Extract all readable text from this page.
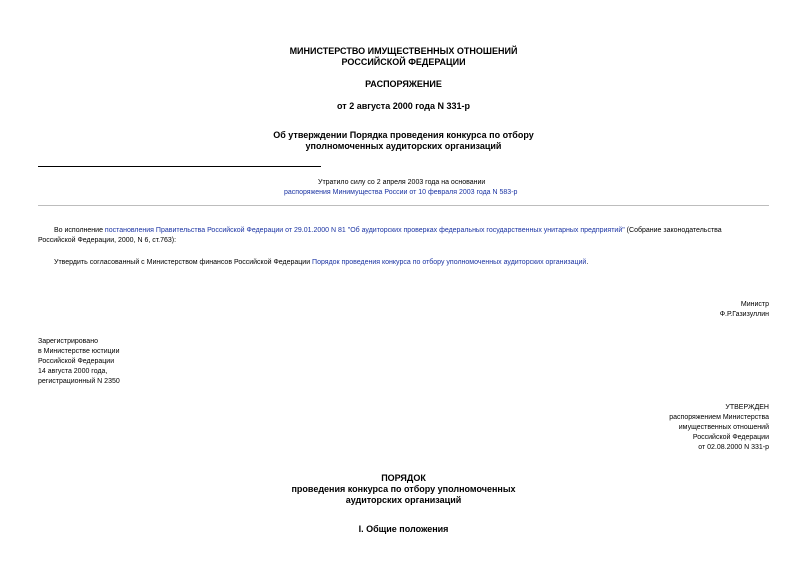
МИНИСТЕРСТВО ИМУЩЕСТВЕННЫХ ОТНОШЕНИЙ
РОССИЙСКОЙ ФЕДЕРАЦИИ
РАСПОРЯЖЕНИЕ
от 2 августа 2000 года N 331-р
Об утверждении Порядка проведения конкурса по отбору
уполномоченных аудиторских организаций
Утратило силу со 2 апреля 2003 года на основании
распоряжения Минимущества России от 10 февраля 2003 года N 583-р
Во исполнение постановления Правительства Российской Федерации от 29.01.2000 N 81 "Об аудиторских проверках федеральных государственных унитарных предприятий" (Собрание законодательства
Российской Федерации, 2000, N 6, ст.763):
Утвердить согласованный с Министерством финансов Российской Федерации Порядок проведения конкурса по отбору уполномоченных аудиторских организаций.
Министр
Ф.Р.Газизуллин
Зарегистрировано
в Министерстве юстиции
Российской Федерации
14 августа 2000 года,
регистрационный N 2350
УТВЕРЖДЕН
распоряжением Министерства
имущественных отношений
Российской Федерации
от 02.08.2000 N 331-р
ПОРЯДОК
проведения конкурса по отбору уполномоченных
аудиторских организаций
I. Общие положения
